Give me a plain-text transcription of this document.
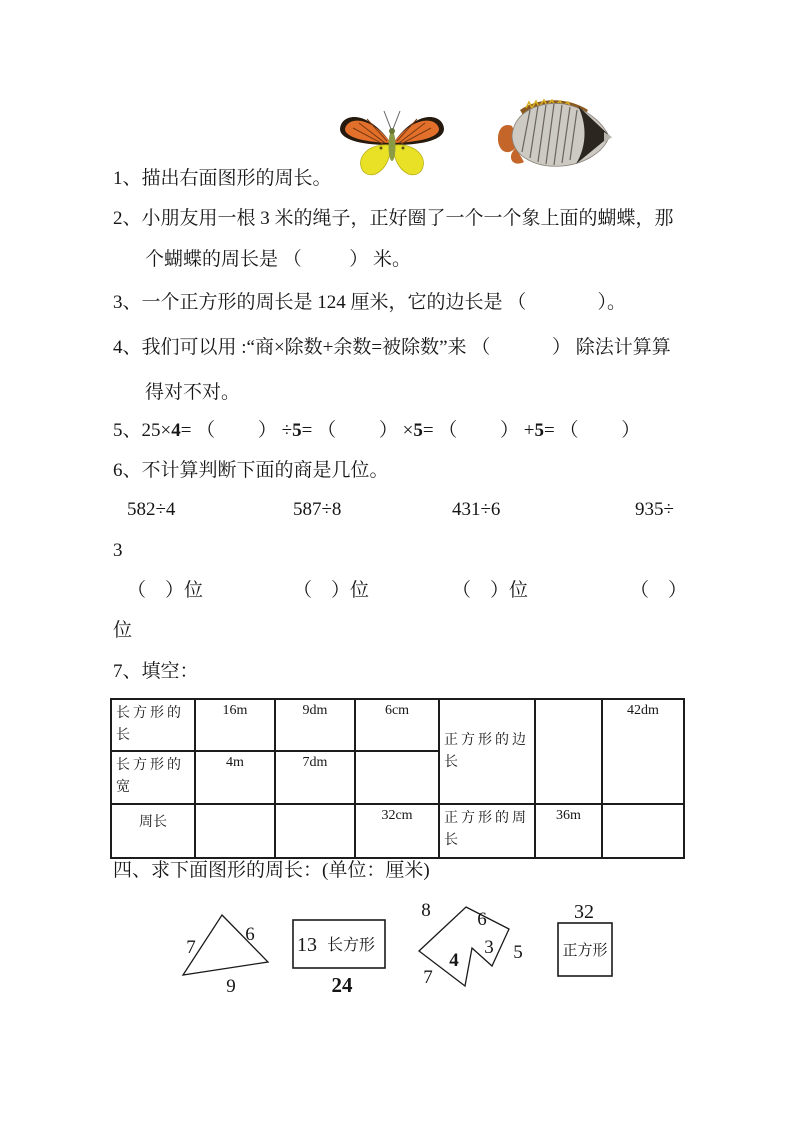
1、描出右面图形的周长。
2、小朋友用一根 3 米的绳子，正好圈了一个一个象上面的蝴蝶，那
个蝴蝶的周长是 （          ） 米。
3、一个正方形的周长是 124 厘米，它的边长是 （               ）。
4、我们可以用 :“商×除数+余数=被除数”来 （             ） 除法计算算
得对不对。
5、25×4= （         ） ÷5= （         ） ×5= （         ） +5= （         ）
6、不计算判断下面的商是几位。
582÷4	587÷8	431÷6	935÷
3
（    ）位	（    ）位	（    ）位	（    ）
位
7、填空：
长方形的长	16m	9dm	6cm	正方形的边长		42dm
长方形的宽	4m	7dm				
周长			32cm	正方形的周长	36m	
四、求下面图形的周长：(单位：厘米)
7
6
9
13 长方形
24
8 6
3 5
4
7
32
正方形
